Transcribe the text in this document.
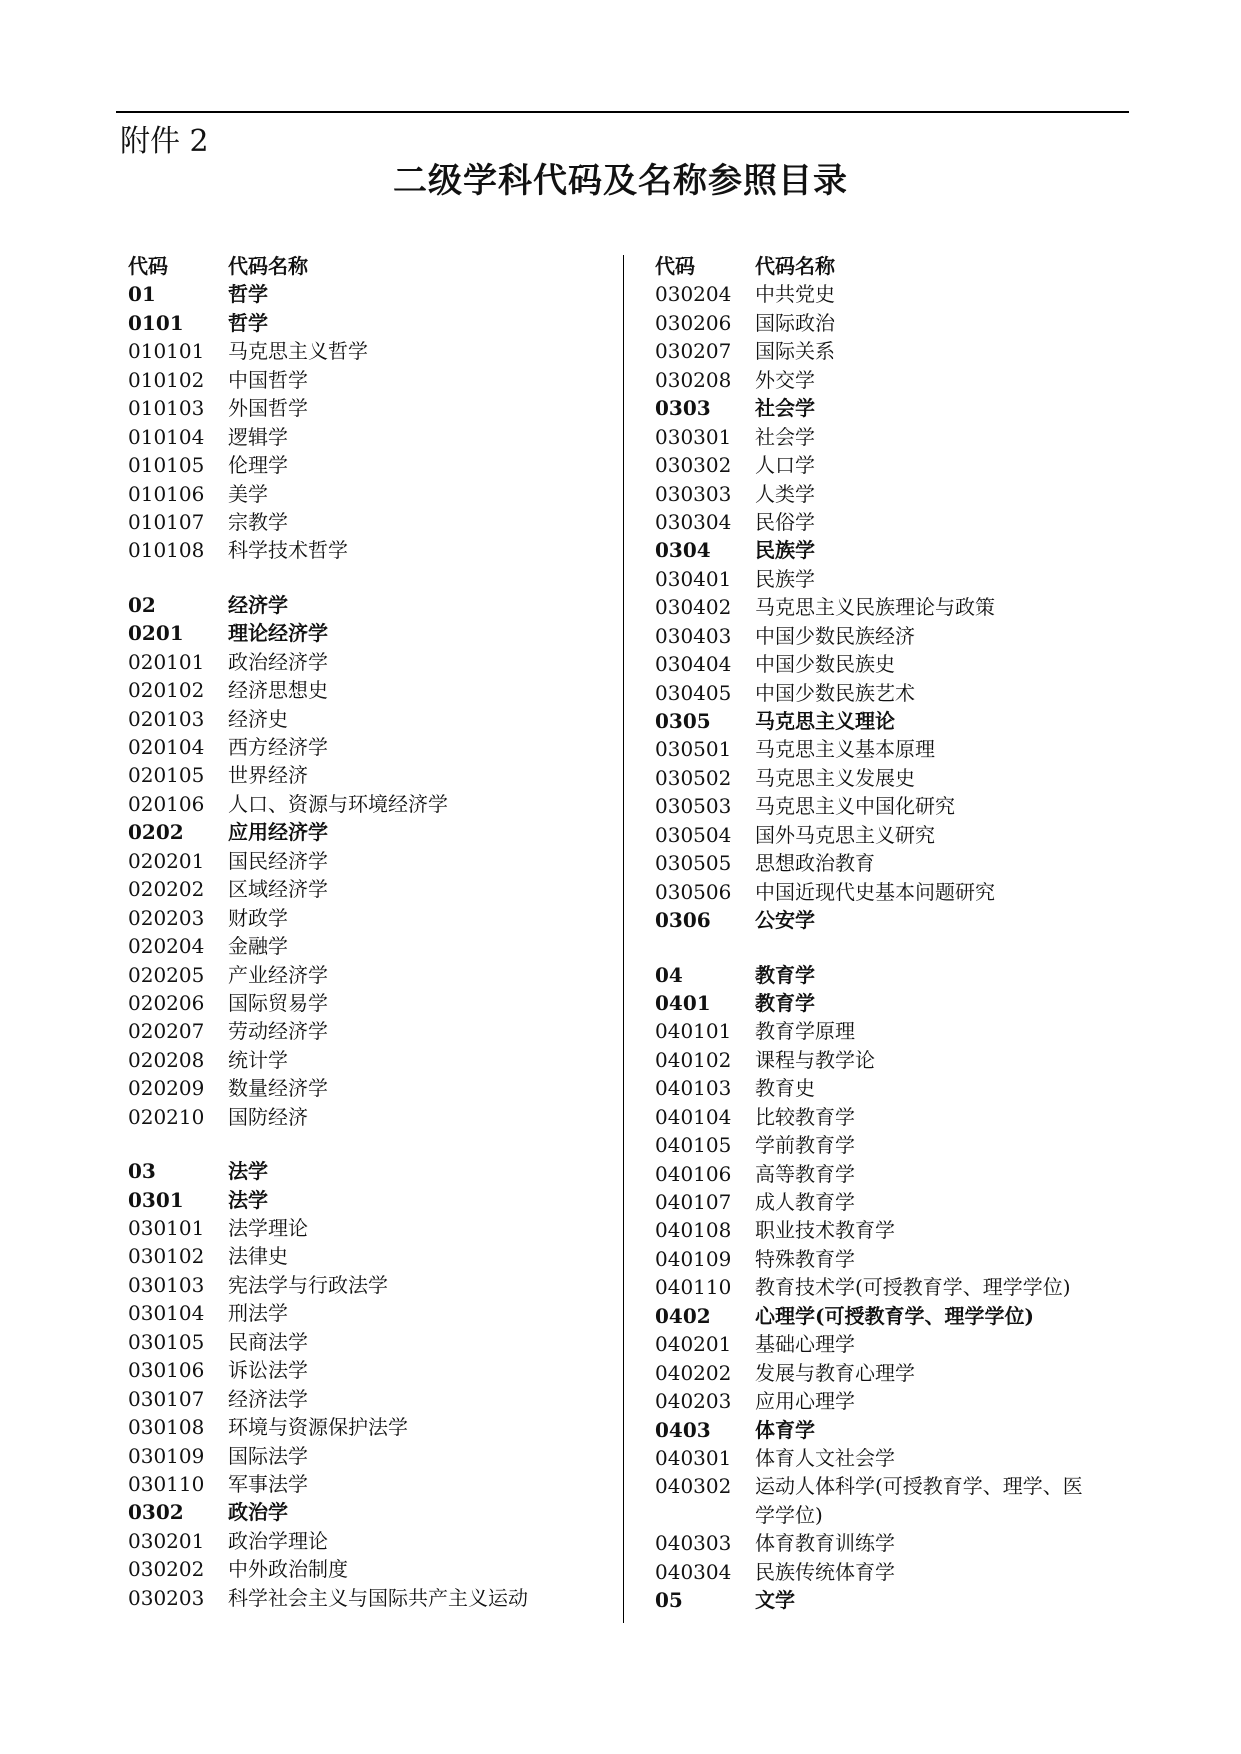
附件 2
二级学科代码及名称参照目录
代码	代码名称
01	哲学
0101	哲学
010101	马克思主义哲学
010102	中国哲学
010103	外国哲学
010104	逻辑学
010105	伦理学
010106	美学
010107	宗教学
010108	科学技术哲学
02	经济学
0201	理论经济学
020101	政治经济学
020102	经济思想史
020103	经济史
020104	西方经济学
020105	世界经济
020106	人口、资源与环境经济学
0202	应用经济学
020201	国民经济学
020202	区域经济学
020203	财政学
020204	金融学
020205	产业经济学
020206	国际贸易学
020207	劳动经济学
020208	统计学
020209	数量经济学
020210	国防经济
03	法学
0301	法学
030101	法学理论
030102	法律史
030103	宪法学与行政法学
030104	刑法学
030105	民商法学
030106	诉讼法学
030107	经济法学
030108	环境与资源保护法学
030109	国际法学
030110	军事法学
0302	政治学
030201	政治学理论
030202	中外政治制度
030203	科学社会主义与国际共产主义运动
代码	代码名称
030204	中共党史
030206	国际政治
030207	国际关系
030208	外交学
0303	社会学
030301	社会学
030302	人口学
030303	人类学
030304	民俗学
0304	民族学
030401	民族学
030402	马克思主义民族理论与政策
030403	中国少数民族经济
030404	中国少数民族史
030405	中国少数民族艺术
0305	马克思主义理论
030501	马克思主义基本原理
030502	马克思主义发展史
030503	马克思主义中国化研究
030504	国外马克思主义研究
030505	思想政治教育
030506	中国近现代史基本问题研究
0306	公安学
04	教育学
0401	教育学
040101	教育学原理
040102	课程与教学论
040103	教育史
040104	比较教育学
040105	学前教育学
040106	高等教育学
040107	成人教育学
040108	职业技术教育学
040109	特殊教育学
040110	教育技术学(可授教育学、理学学位)
0402	心理学(可授教育学、理学学位)
040201	基础心理学
040202	发展与教育心理学
040203	应用心理学
0403	体育学
040301	体育人文社会学
040302	运动人体科学(可授教育学、理学、医学学位)
040303	体育教育训练学
040304	民族传统体育学
05	文学
